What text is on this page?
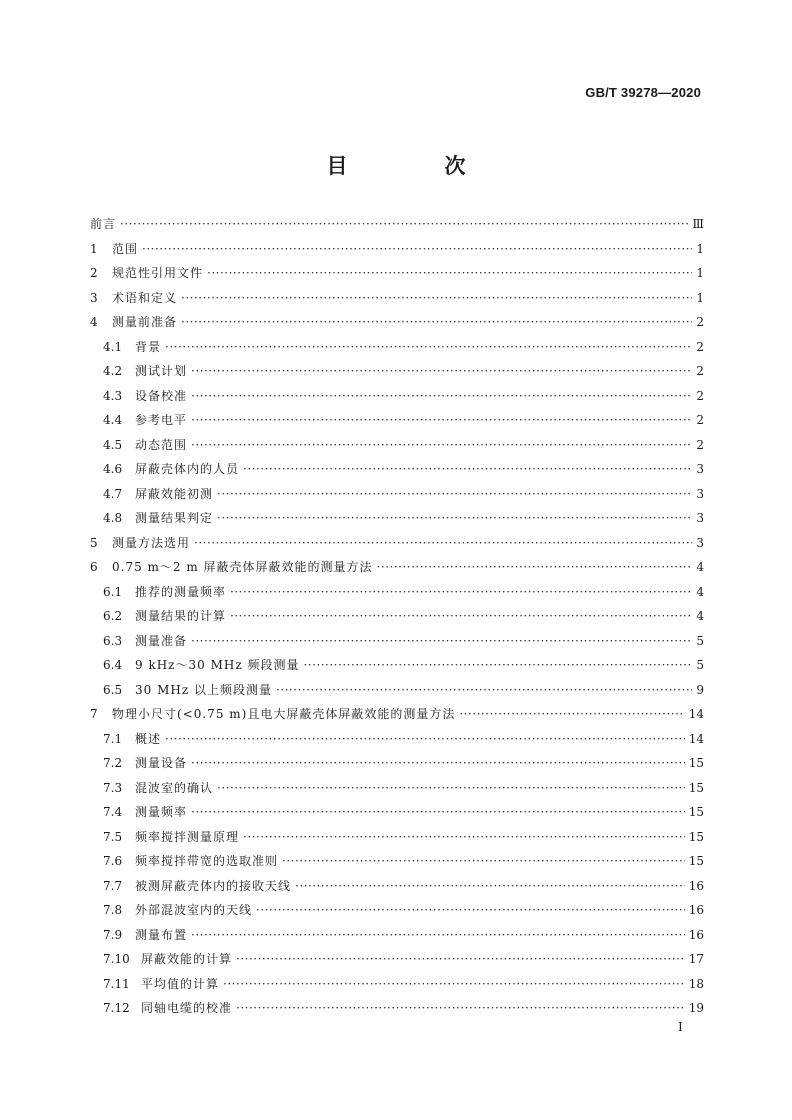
GB/T 39278—2020
目　次
前言 ·····	Ⅲ
1	范围 ·····	1
2	规范性引用文件 ·····	1
3	术语和定义 ·····	1
4	测量前准备 ·····	2
4.1	背景 ·····	2
4.2	测试计划 ·····	2
4.3	设备校准 ·····	2
4.4	参考电平 ·····	2
4.5	动态范围 ·····	2
4.6	屏蔽壳体内的人员 ·····	3
4.7	屏蔽效能初测 ·····	3
4.8	测量结果判定 ·····	3
5	测量方法选用 ·····	3
6	0.75 m～2 m 屏蔽壳体屏蔽效能的测量方法 ·····	4
6.1	推荐的测量频率 ·····	4
6.2	测量结果的计算 ·····	4
6.3	测量准备 ·····	5
6.4	9 kHz～30 MHz 频段测量 ·····	5
6.5	30 MHz 以上频段测量 ·····	9
7	物理小尺寸(<0.75 m)且电大屏蔽壳体屏蔽效能的测量方法 ·····	14
7.1	概述 ·····	14
7.2	测量设备 ·····	15
7.3	混波室的确认 ·····	15
7.4	测量频率 ·····	15
7.5	频率搅拌测量原理 ·····	15
7.6	频率搅拌带宽的选取准则 ·····	15
7.7	被测屏蔽壳体内的接收天线 ·····	16
7.8	外部混波室内的天线 ·····	16
7.9	测量布置 ·····	16
7.10 屏蔽效能的计算 ·····	17
7.11 平均值的计算 ·····	18
7.12 同轴电缆的校准 ·····	19
I
